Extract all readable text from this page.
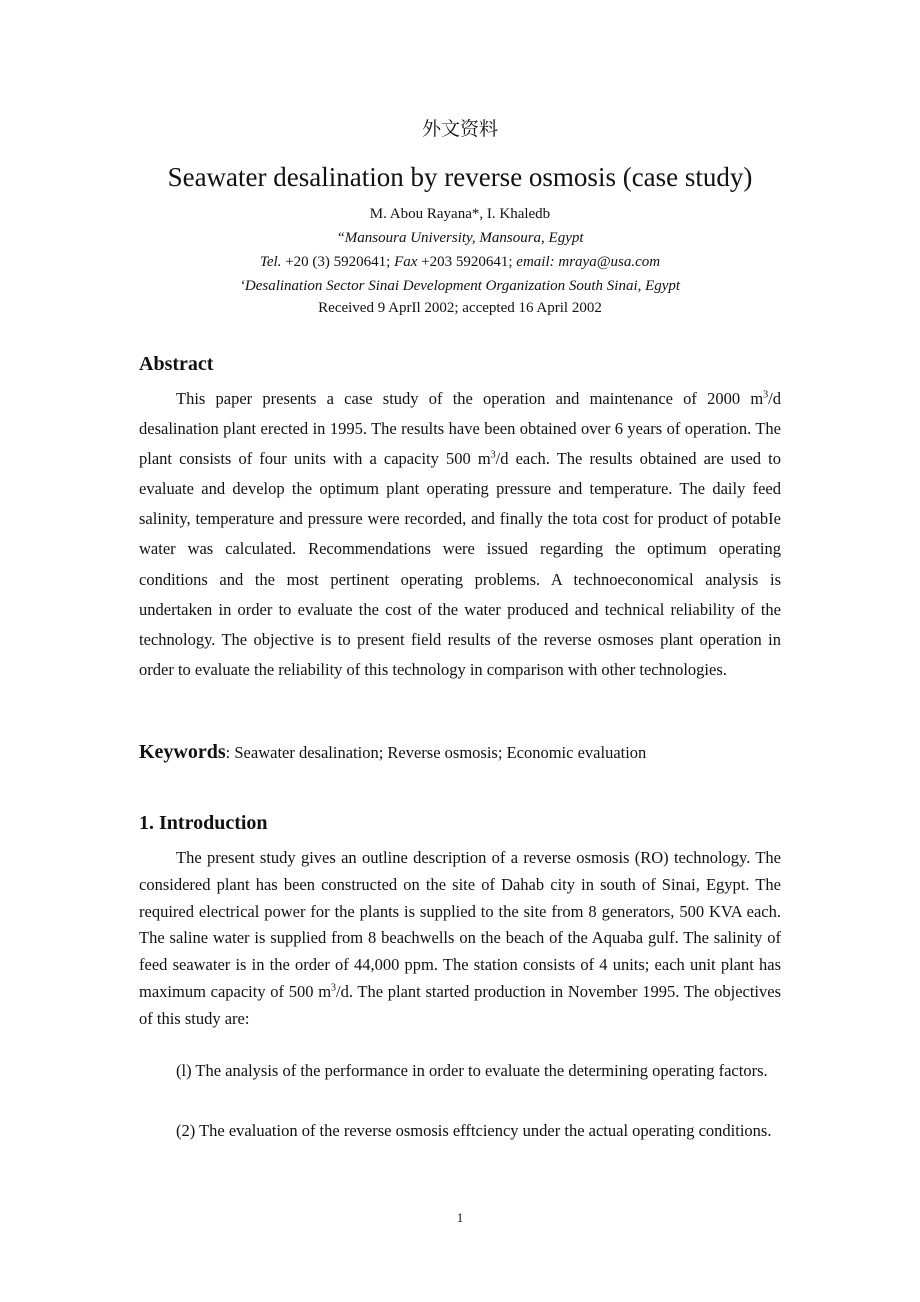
外文资料
Seawater desalination by reverse osmosis (case study)
M. Abou Rayana*, I. Khaledb
“Mansoura University, Mansoura, Egypt
Tel. +20 (3) 5920641; Fax +203 5920641; email: mraya@usa.com
‘Desalination Sector Sinai Development Organization South Sinai, Egypt
Received 9 AprIl 2002; accepted 16 April 2002
Abstract
This paper presents a case study of the operation and maintenance of 2000 $m^3/d$ desalination plant erected in 1995. The results have been obtained over 6 years of operation. The plant consists of four units with a capacity 500 $m^3/d$ each. The results obtained are used to evaluate and develop the optimum plant operating pressure and temperature. The daily feed salinity, temperature and pressure were recorded, and finally the tota cost for product of potabIe water was calculated. Recommendations were issued regarding the optimum operating conditions and the most pertinent operating problems. A technoeconomical analysis is undertaken in order to evaluate the cost of the water produced and technical reliability of the technology. The objective is to present field results of the reverse osmoses plant operation in order to evaluate the reliability of this technology in comparison with other technologies.
Keywords: Seawater desalination; Reverse osmosis; Economic evaluation
1. Introduction
The present study gives an outline description of a reverse osmosis (RO) technology. The considered plant has been constructed on the site of Dahab city in south of Sinai, Egypt. The required electrical power for the plants is supplied to the site from 8 generators, 500 KVA each. The saline water is supplied from 8 beachwells on the beach of the Aquaba gulf. The salinity of feed seawater is in the order of 44,000 ppm. The station consists of 4 units; each unit plant has maximum capacity of 500 $m^3/d$. The plant started production in November 1995. The objectives of this study are:
(l) The analysis of the performance in order to evaluate the determining operating factors.
(2) The evaluation of the reverse osmosis efftciency under the actual operating conditions.
1
